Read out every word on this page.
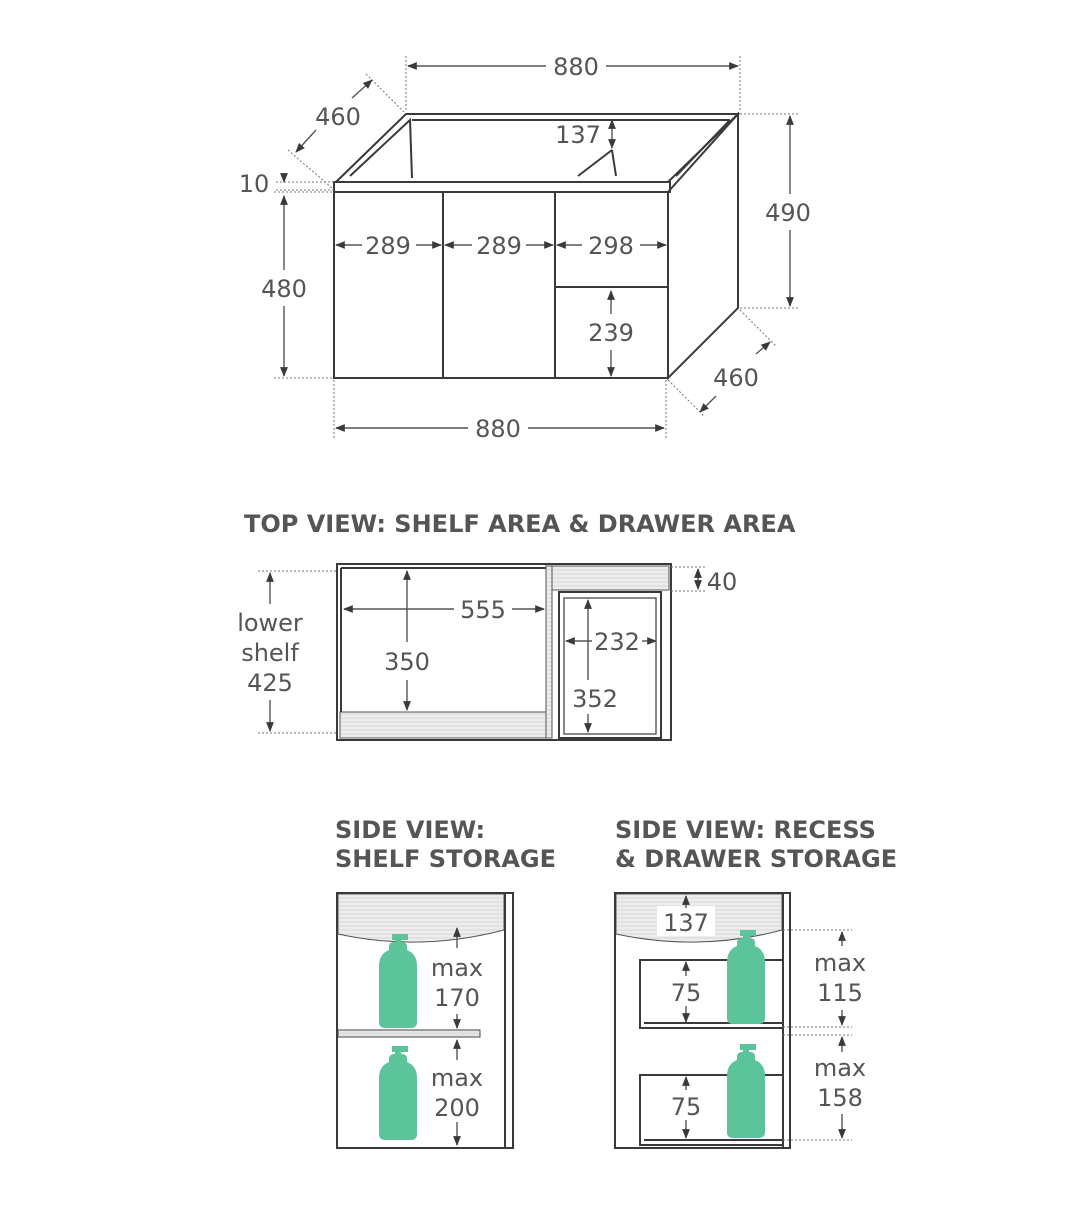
880
460
137
10
490
289	289	298
480
239
460
880
TOP VIEW: SHELF AREA & DRAWER AREA
lower
shelf
425
555
350
40
232
352
SIDE VIEW:
SHELF STORAGE
max
170
max
200
SIDE VIEW: RECESS
& DRAWER STORAGE
137
75
75
max
115
max
158
